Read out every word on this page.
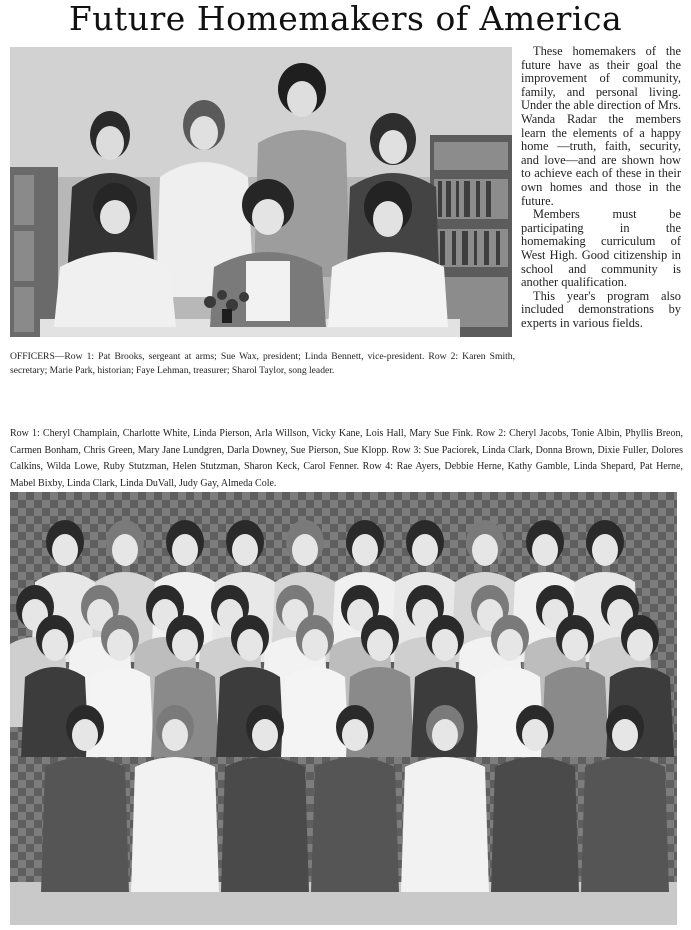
Future Homemakers of America

These homemakers of the future have as their goal the improvement of community, family, and personal living. Under the able direction of Mrs. Wanda Radar the members learn the elements of a happy home —truth, faith, security, and love—and are shown how to achieve each of these in their own homes and those in the future.

Members must be participating in the homemaking curriculum of West High. Good citizenship in school and community is another qualification.

This year's program also included demonstrations by experts in various fields.

OFFICERS—Row 1: Pat Brooks, sergeant at arms; Sue Wax, president; Linda Bennett, vice-president. Row 2: Karen Smith, secretary; Marie Park, historian; Faye Lehman, treasurer; Sharol Taylor, song leader.
Row 1: Cheryl Champlain, Charlotte White, Linda Pierson, Arla Willson, Vicky Kane, Lois Hall, Mary Sue Fink. Row 2: Cheryl Jacobs, Tonie Albin, Phyllis Breon, Carmen Bonham, Chris Green, Mary Jane Lundgren, Darla Downey, Sue Pierson, Sue Klopp. Row 3: Sue Paciorek, Linda Clark, Donna Brown, Dixie Fuller, Dolores Calkins, Wilda Lowe, Ruby Stutzman, Helen Stutzman, Sharon Keck, Carol Fenner. Row 4: Rae Ayers, Debbie Herne, Kathy Gamble, Linda Shepard, Pat Herne, Mabel Bixby, Linda Clark, Linda DuVall, Judy Gay, Almeda Cole.
